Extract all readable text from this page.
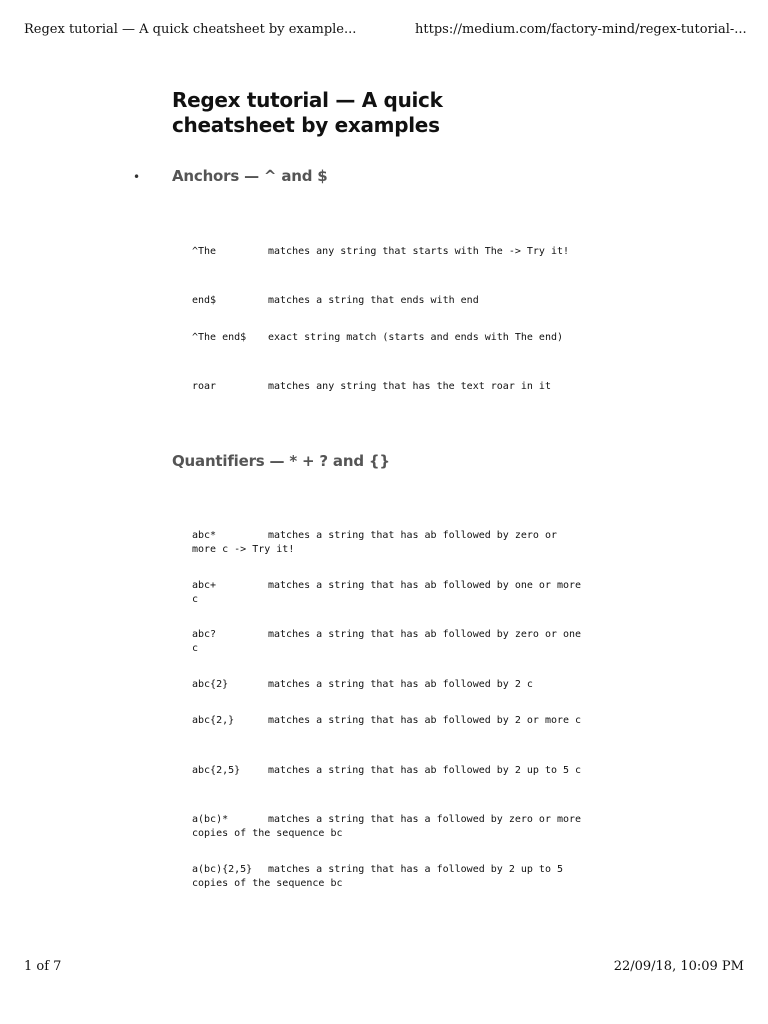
Regex tutorial — A quick cheatsheet by example...	https://medium.com/factory-mind/regex-tutorial-...
Regex tutorial — A quick cheatsheet by examples
• Anchors — ^ and $
^The	matches any string that starts with The -> Try it!
end$	matches a string that ends with end
^The end$	exact string match (starts and ends with The end)
roar	matches any string that has the text roar in it
Quantifiers — * + ? and {}
abc*	matches a string that has ab followed by zero or more c -> Try it!
abc+	matches a string that has ab followed by one or more c
abc?	matches a string that has ab followed by zero or one c
abc{2}	matches a string that has ab followed by 2 c
abc{2,}	matches a string that has ab followed by 2 or more c
abc{2,5}	matches a string that has ab followed by 2 up to 5 c
a(bc)*	matches a string that has a followed by zero or more copies of the sequence bc
a(bc){2,5}	matches a string that has a followed by 2 up to 5 copies of the sequence bc
1 of 7	22/09/18, 10:09 PM
